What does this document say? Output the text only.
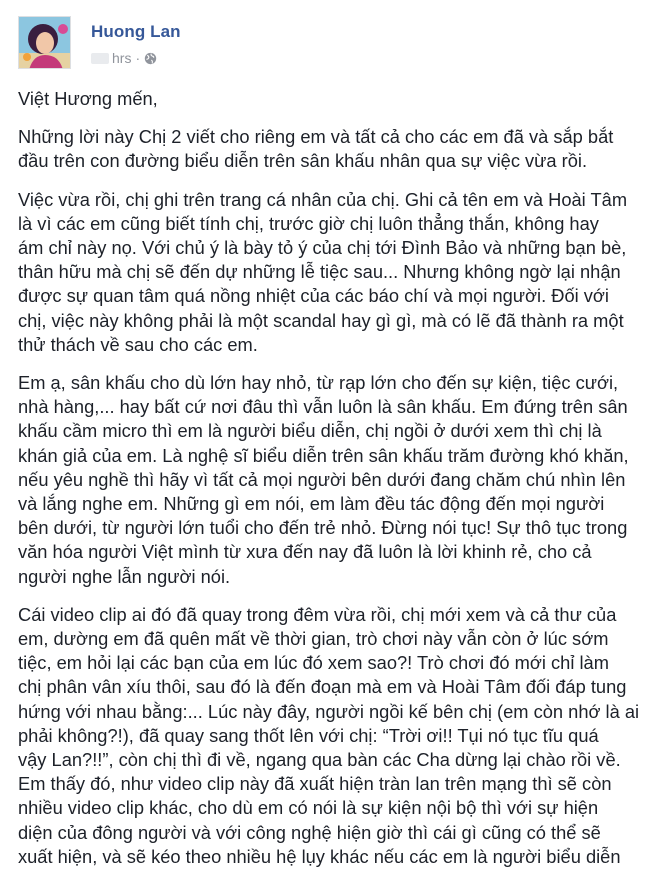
Huong Lan
hrs ·

Việt Hương mến,

Những lời này Chị 2 viết cho riêng em và tất cả cho các em đã và sắp bắt
đầu trên con đường biểu diễn trên sân khấu nhân qua sự việc vừa rồi.

Việc vừa rồi, chị ghi trên trang cá nhân của chị. Ghi cả tên em và Hoài Tâm
là vì các em cũng biết tính chị, trước giờ chị luôn thẳng thắn, không hay
ám chỉ này nọ. Với chủ ý là bày tỏ ý của chị tới Đình Bảo và những bạn bè,
thân hữu mà chị sẽ đến dự những lễ tiệc sau... Nhưng không ngờ lại nhận
được sự quan tâm quá nồng nhiệt của các báo chí và mọi người. Đối với
chị, việc này không phải là một scandal hay gì gì, mà có lẽ đã thành ra một
thử thách về sau cho các em.

Em ạ, sân khấu cho dù lớn hay nhỏ, từ rạp lớn cho đến sự kiện, tiệc cưới,
nhà hàng,... hay bất cứ nơi đâu thì vẫn luôn là sân khấu. Em đứng trên sân
khấu cầm micro thì em là người biểu diễn, chị ngồi ở dưới xem thì chị là
khán giả của em. Là nghệ sĩ biểu diễn trên sân khấu trăm đường khó khăn,
nếu yêu nghề thì hãy vì tất cả mọi người bên dưới đang chăm chú nhìn lên
và lắng nghe em. Những gì em nói, em làm đều tác động đến mọi người
bên dưới, từ người lớn tuổi cho đến trẻ nhỏ. Đừng nói tục! Sự thô tục trong
văn hóa người Việt mình từ xưa đến nay đã luôn là lời khinh rẻ, cho cả
người nghe lẫn người nói.

Cái video clip ai đó đã quay trong đêm vừa rồi, chị mới xem và cả thư của
em, dường em đã quên mất về thời gian, trò chơi này vẫn còn ở lúc sớm
tiệc, em hỏi lại các bạn của em lúc đó xem sao?! Trò chơi đó mới chỉ làm
chị phân vân xíu thôi, sau đó là đến đoạn mà em và Hoài Tâm đối đáp tung
hứng với nhau bằng:... Lúc này đây, người ngồi kế bên chị (em còn nhớ là ai
phải không?!), đã quay sang thốt lên với chị: “Trời ơi!! Tụi nó tục tĩu quá
vậy Lan?!!”, còn chị thì đi về, ngang qua bàn các Cha dừng lại chào rồi về.
Em thấy đó, như video clip này đã xuất hiện tràn lan trên mạng thì sẽ còn
nhiều video clip khác, cho dù em có nói là sự kiện nội bộ thì với sự hiện
diện của đông người và với công nghệ hiện giờ thì cái gì cũng có thể sẽ
xuất hiện, và sẽ kéo theo nhiều hệ lụy khác nếu các em là người biểu diễn
